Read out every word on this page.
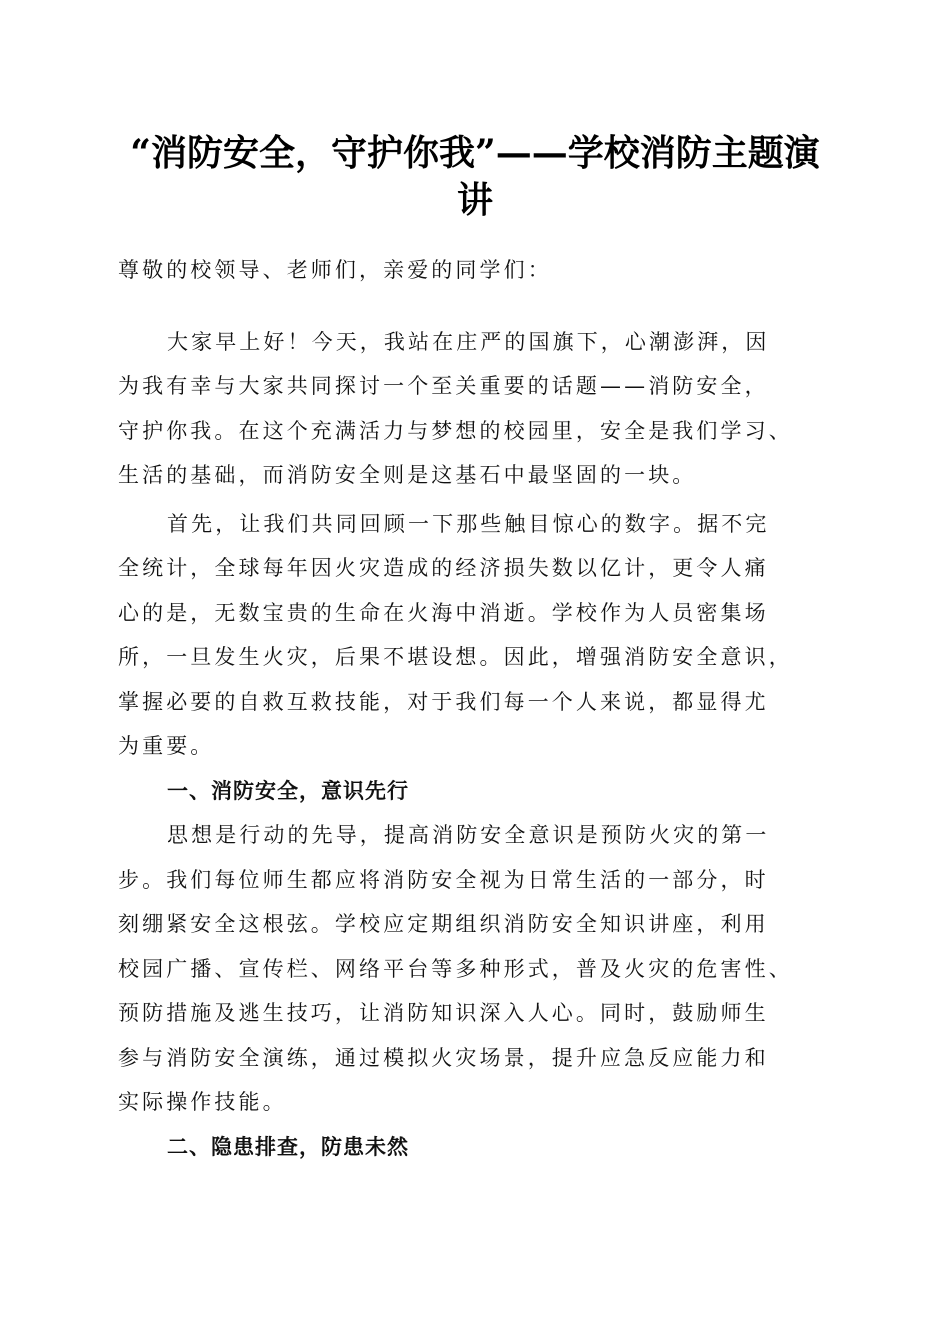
“消防安全，守护你我”——学校消防主题演
讲
尊敬的校领导、老师们，亲爱的同学们：
大家早上好！今天，我站在庄严的国旗下，心潮澎湃，因
为我有幸与大家共同探讨一个至关重要的话题——消防安全，
守护你我。在这个充满活力与梦想的校园里，安全是我们学习、
生活的基础，而消防安全则是这基石中最坚固的一块。
首先，让我们共同回顾一下那些触目惊心的数字。据不完
全统计，全球每年因火灾造成的经济损失数以亿计，更令人痛
心的是，无数宝贵的生命在火海中消逝。学校作为人员密集场
所，一旦发生火灾，后果不堪设想。因此，增强消防安全意识，
掌握必要的自救互救技能，对于我们每一个人来说，都显得尤
为重要。
一、消防安全，意识先行
思想是行动的先导，提高消防安全意识是预防火灾的第一
步。我们每位师生都应将消防安全视为日常生活的一部分，时
刻绷紧安全这根弦。学校应定期组织消防安全知识讲座，利用
校园广播、宣传栏、网络平台等多种形式，普及火灾的危害性、
预防措施及逃生技巧，让消防知识深入人心。同时，鼓励师生
参与消防安全演练，通过模拟火灾场景，提升应急反应能力和
实际操作技能。
二、隐患排查，防患未然
